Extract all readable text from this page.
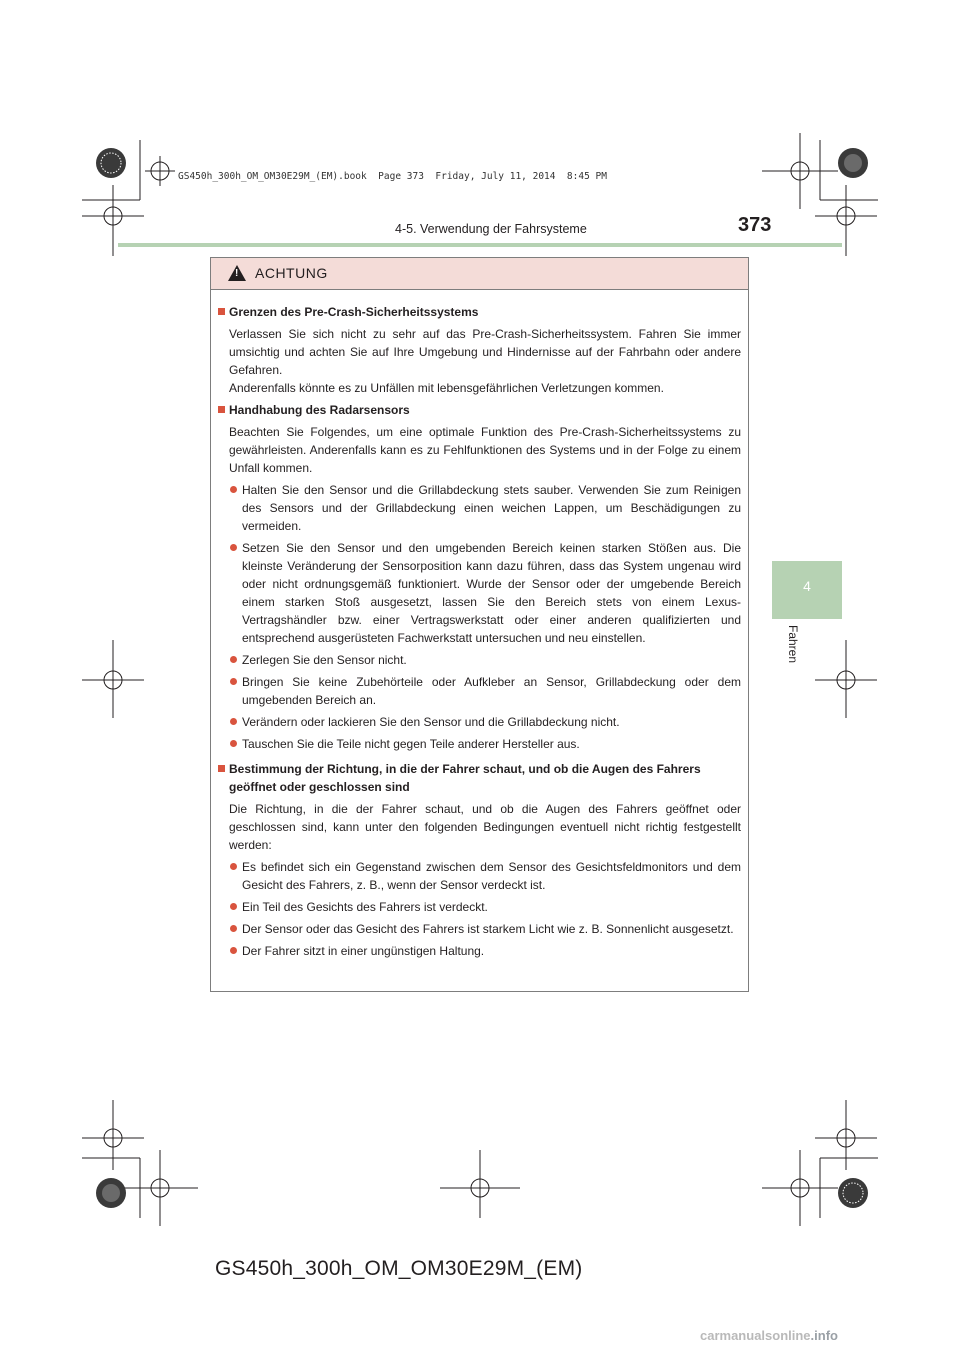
GS450h_300h_OM_OM30E29M_(EM).book  Page 373  Friday, July 11, 2014  8:45 PM
4-5. Verwendung der Fahrsysteme	373
4
Fahren
!
ACHTUNG
Grenzen des Pre-Crash-Sicherheitssystems
Verlassen Sie sich nicht zu sehr auf das Pre-Crash-Sicherheitssystem. Fahren Sie immer umsichtig und achten Sie auf Ihre Umgebung und Hindernisse auf der Fahrbahn oder andere Gefahren.
Anderenfalls könnte es zu Unfällen mit lebensgefährlichen Verletzungen kommen.
Handhabung des Radarsensors
Beachten Sie Folgendes, um eine optimale Funktion des Pre-Crash-Sicherheitssystems zu gewährleisten. Anderenfalls kann es zu Fehlfunktionen des Systems und in der Folge zu einem Unfall kommen.
Halten Sie den Sensor und die Grillabdeckung stets sauber. Verwenden Sie zum Reinigen des Sensors und der Grillabdeckung einen weichen Lappen, um Beschädigungen zu vermeiden.
Setzen Sie den Sensor und den umgebenden Bereich keinen starken Stößen aus. Die kleinste Veränderung der Sensorposition kann dazu führen, dass das System ungenau wird oder nicht ordnungsgemäß funktioniert. Wurde der Sensor oder der umgebende Bereich einem starken Stoß ausgesetzt, lassen Sie den Bereich stets von einem Lexus-Vertragshändler bzw. einer Vertragswerkstatt oder einer anderen qualifizierten und entsprechend ausgerüsteten Fachwerkstatt untersuchen und neu einstellen.
Zerlegen Sie den Sensor nicht.
Bringen Sie keine Zubehörteile oder Aufkleber an Sensor, Grillabdeckung oder dem umgebenden Bereich an.
Verändern oder lackieren Sie den Sensor und die Grillabdeckung nicht.
Tauschen Sie die Teile nicht gegen Teile anderer Hersteller aus.
Bestimmung der Richtung, in die der Fahrer schaut, und ob die Augen des Fahrers geöffnet oder geschlossen sind
Die Richtung, in die der Fahrer schaut, und ob die Augen des Fahrers geöffnet oder geschlossen sind, kann unter den folgenden Bedingungen eventuell nicht richtig festgestellt werden:
Es befindet sich ein Gegenstand zwischen dem Sensor des Gesichtsfeldmonitors und dem Gesicht des Fahrers, z. B., wenn der Sensor verdeckt ist.
Ein Teil des Gesichts des Fahrers ist verdeckt.
Der Sensor oder das Gesicht des Fahrers ist starkem Licht wie z. B. Sonnenlicht ausgesetzt.
Der Fahrer sitzt in einer ungünstigen Haltung.
GS450h_300h_OM_OM30E29M_(EM)
carmanualsonline.info
